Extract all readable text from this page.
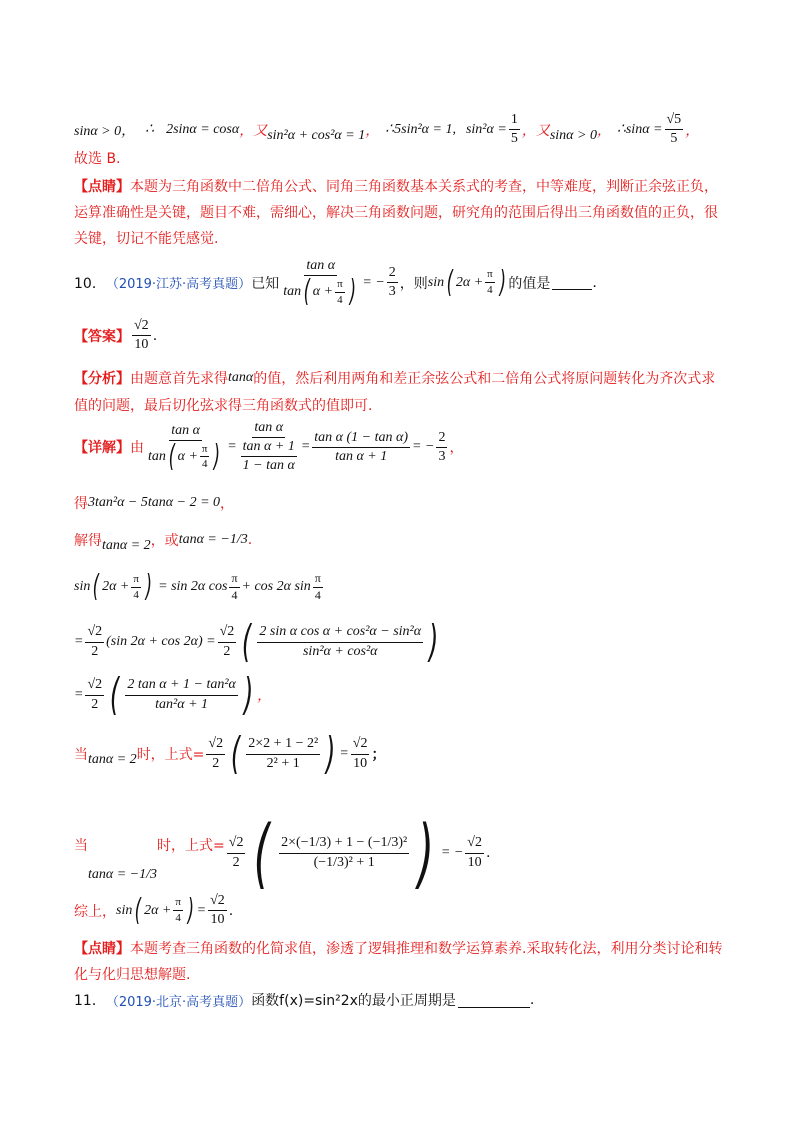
sinα > 0， ∴ 2sinα = cosα ， 又 sin²α + cos²α = 1 ， ∴5sin²α = 1, $\sin^2\alpha = \frac{1}{5}$ ， 又 sinα > 0 ， ∴sinα = $\frac{√5}{5}$ ，
故选 B.
【点睛】 本题为三角函数中二倍角公式、同角三角函数基本关系式的考查，中等难度，判断正余弦正负，
运算准确性是关键，题目不难，需细心，解决三角函数问题，研究角的范围后得出三角函数值的正负，很
关键，切记不能凭感觉.
10． （2019·江苏·高考真题） 已知 $\frac{\text{tan α}}{\tan ( \alpha + \frac{\pi}{4} )}$ = − $\frac{2}{3}$ ，则 sin ( $2\alpha + \frac{\pi}{4}$ ) 的值是	.
【答案】 $\frac{√2}{10}$ .
【分析】 由题意首先求得 tanα 的值，然后利用两角和差正余弦公式和二倍角公式将原问题转化为齐次式求
值的问题，最后切化弦求得三角函数式的值即可.
【详解】 由 $\frac{\text{tan α}}{\tan ( \alpha + \frac{\pi}{4} )} = \frac{\text{tan α}}{\frac{\text{tan α + 1}}{\text{1 − tan α}}} = \frac{\text{tan α (1 − tan α)}}{\text{tan α + 1}}$ = − $\frac{2}{3}$ ，
得 3tan²α − 5tanα − 2 = 0 ，
解得 tanα = 2 ，或 tanα = −1/3 .
sin ( $2\alpha + \frac{\pi}{4}$ ) = sin 2α $\cos \frac{\pi}{4} + \cos 2\alpha$ $\sin \frac{\pi}{4}$
= $\frac{√2}{2} (\sin$ $2\alpha + \cos 2\alpha) = \frac{√2}{2}$ ( $\frac{\text{2 sin α cos α + cos²α − sin²α}}{\text{sin²α + cos²α}}$ )
= $\frac{√2}{2}$ ( $\frac{\text{2 tan α + 1 − tan²α}}{\text{tan²α + 1}}$ ) ，
当 tanα = 2 时，上式= $\frac{√2}{2}$ ( $\frac{\text{2×2 + 1 − 2²}}{\text{2² + 1}}$ ) = $\frac{√2}{10}$ ；
当
tanα = −1/3
时，上式= $\frac{√2}{2}$ ( $\frac{\text{2×(−1/3) + 1 − (−1/3)²}}{\text{(−1/3)² + 1}}$ ) = − $\frac{√2}{10}$ .
综上， sin ( $2\alpha + \frac{\pi}{4}$ ) = $\frac{√2}{10}$ .
【点睛】 本题考查三角函数的化简求值，渗透了逻辑推理和数学运算素养.采取转化法，利用分类讨论和转
化与化归思想解题.
11． （2019·北京·高考真题） 函数f(x)=sin²2x的最小正周期是	.
